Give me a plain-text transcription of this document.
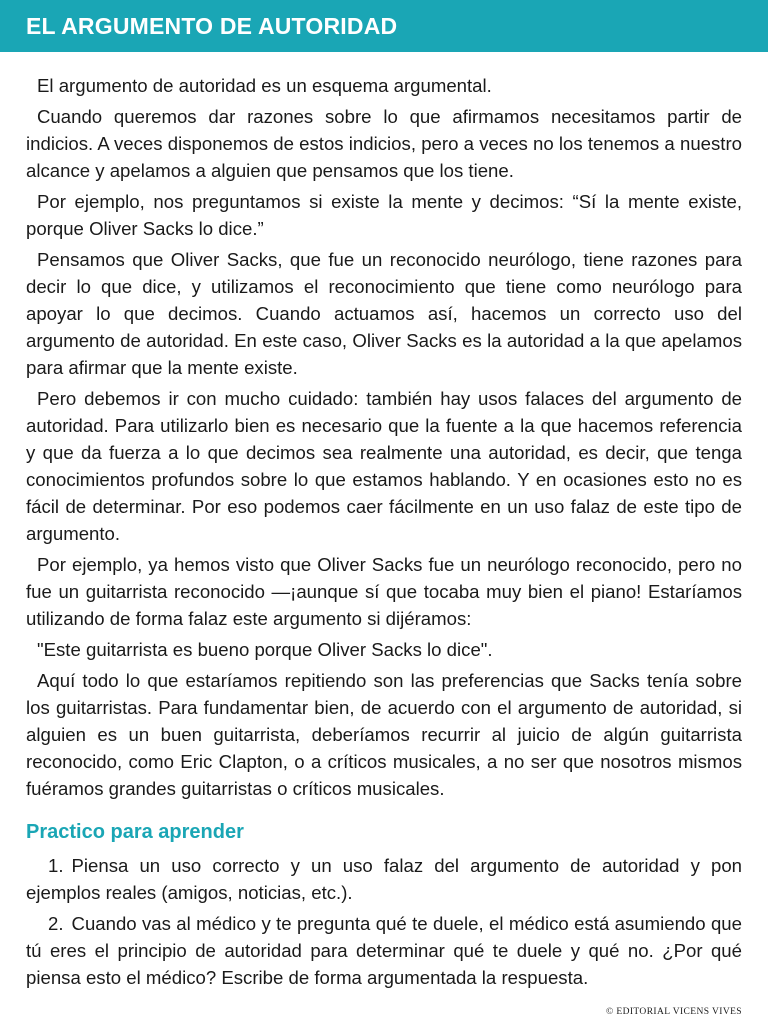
EL ARGUMENTO DE AUTORIDAD

El argumento de autoridad es un esquema argumental.

Cuando queremos dar razones sobre lo que afirmamos necesitamos partir de indicios. A veces disponemos de estos indicios, pero a veces no los tenemos a nuestro alcance y apelamos a alguien que pensamos que los tiene.

Por ejemplo, nos preguntamos si existe la mente y decimos: “Sí la mente existe, porque Oliver Sacks lo dice.”

Pensamos que Oliver Sacks, que fue un reconocido neurólogo, tiene razones para decir lo que dice, y utilizamos el reconocimiento que tiene como neurólogo para apoyar lo que decimos. Cuando actuamos así, hacemos un correcto uso del argumento de autoridad. En este caso, Oliver Sacks es la autoridad a la que apelamos para afirmar que la mente existe.

Pero debemos ir con mucho cuidado: también hay usos falaces del argumento de autoridad. Para utilizarlo bien es necesario que la fuente a la que hacemos referencia y que da fuerza a lo que decimos sea realmente una autoridad, es decir, que tenga conocimientos profundos sobre lo que estamos hablando. Y en ocasiones esto no es fácil de determinar. Por eso podemos caer fácilmente en un uso falaz de este tipo de argumento.

Por ejemplo, ya hemos visto que Oliver Sacks fue un neurólogo reconocido, pero no fue un guitarrista reconocido —¡aunque sí que tocaba muy bien el piano! Estaríamos utilizando de forma falaz este argumento si dijéramos:

"Este guitarrista es bueno porque Oliver Sacks lo dice".

Aquí todo lo que estaríamos repitiendo son las preferencias que Sacks tenía sobre los guitarristas. Para fundamentar bien, de acuerdo con el argumento de autoridad, si alguien es un buen guitarrista, deberíamos recurrir al juicio de algún guitarrista reconocido, como Eric Clapton, o a críticos musicales, a no ser que nosotros mismos fuéramos grandes guitarristas o críticos musicales.

Practico para aprender

1. Piensa un uso correcto y un uso falaz del argumento de autoridad y pon ejemplos reales (amigos, noticias, etc.).

2. Cuando vas al médico y te pregunta qué te duele, el médico está asumiendo que tú eres el principio de autoridad para determinar qué te duele y qué no. ¿Por qué piensa esto el médico? Escribe de forma argumentada la respuesta.

© EDITORIAL VICENS VIVES
